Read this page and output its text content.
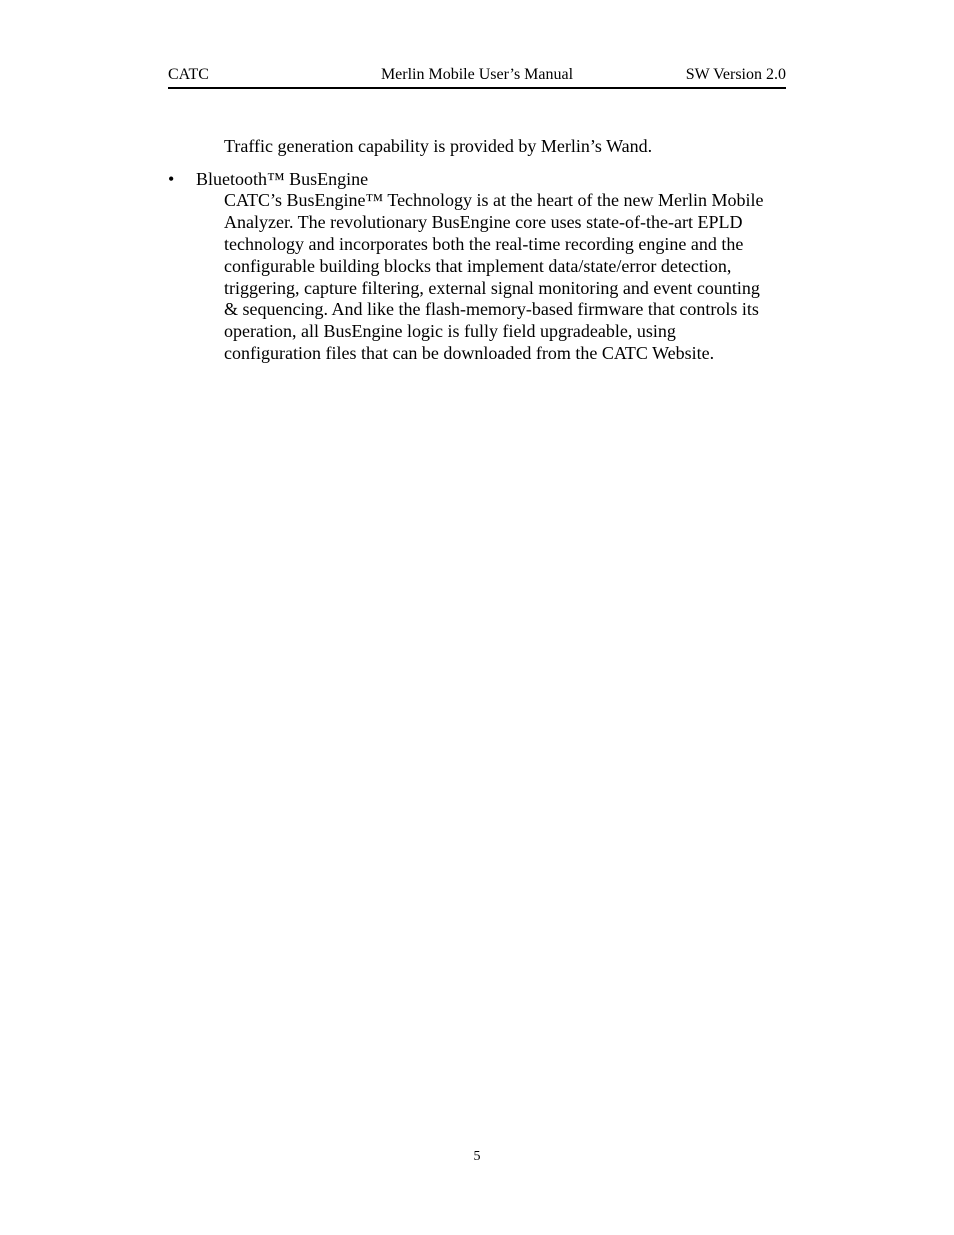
CATC	Merlin Mobile User’s Manual	SW Version 2.0
Traffic generation capability is provided by Merlin’s Wand.
•	Bluetooth™ BusEngine
CATC’s BusEngine™ Technology is at the heart of the new Merlin Mobile
Analyzer. The revolutionary BusEngine core uses state-of-the-art EPLD
technology and incorporates both the real-time recording engine and the
configurable building blocks that implement data/state/error detection,
triggering, capture filtering, external signal monitoring and event counting
& sequencing. And like the flash-memory-based firmware that controls its
operation, all BusEngine logic is fully field upgradeable, using
configuration files that can be downloaded from the CATC Website.
5
